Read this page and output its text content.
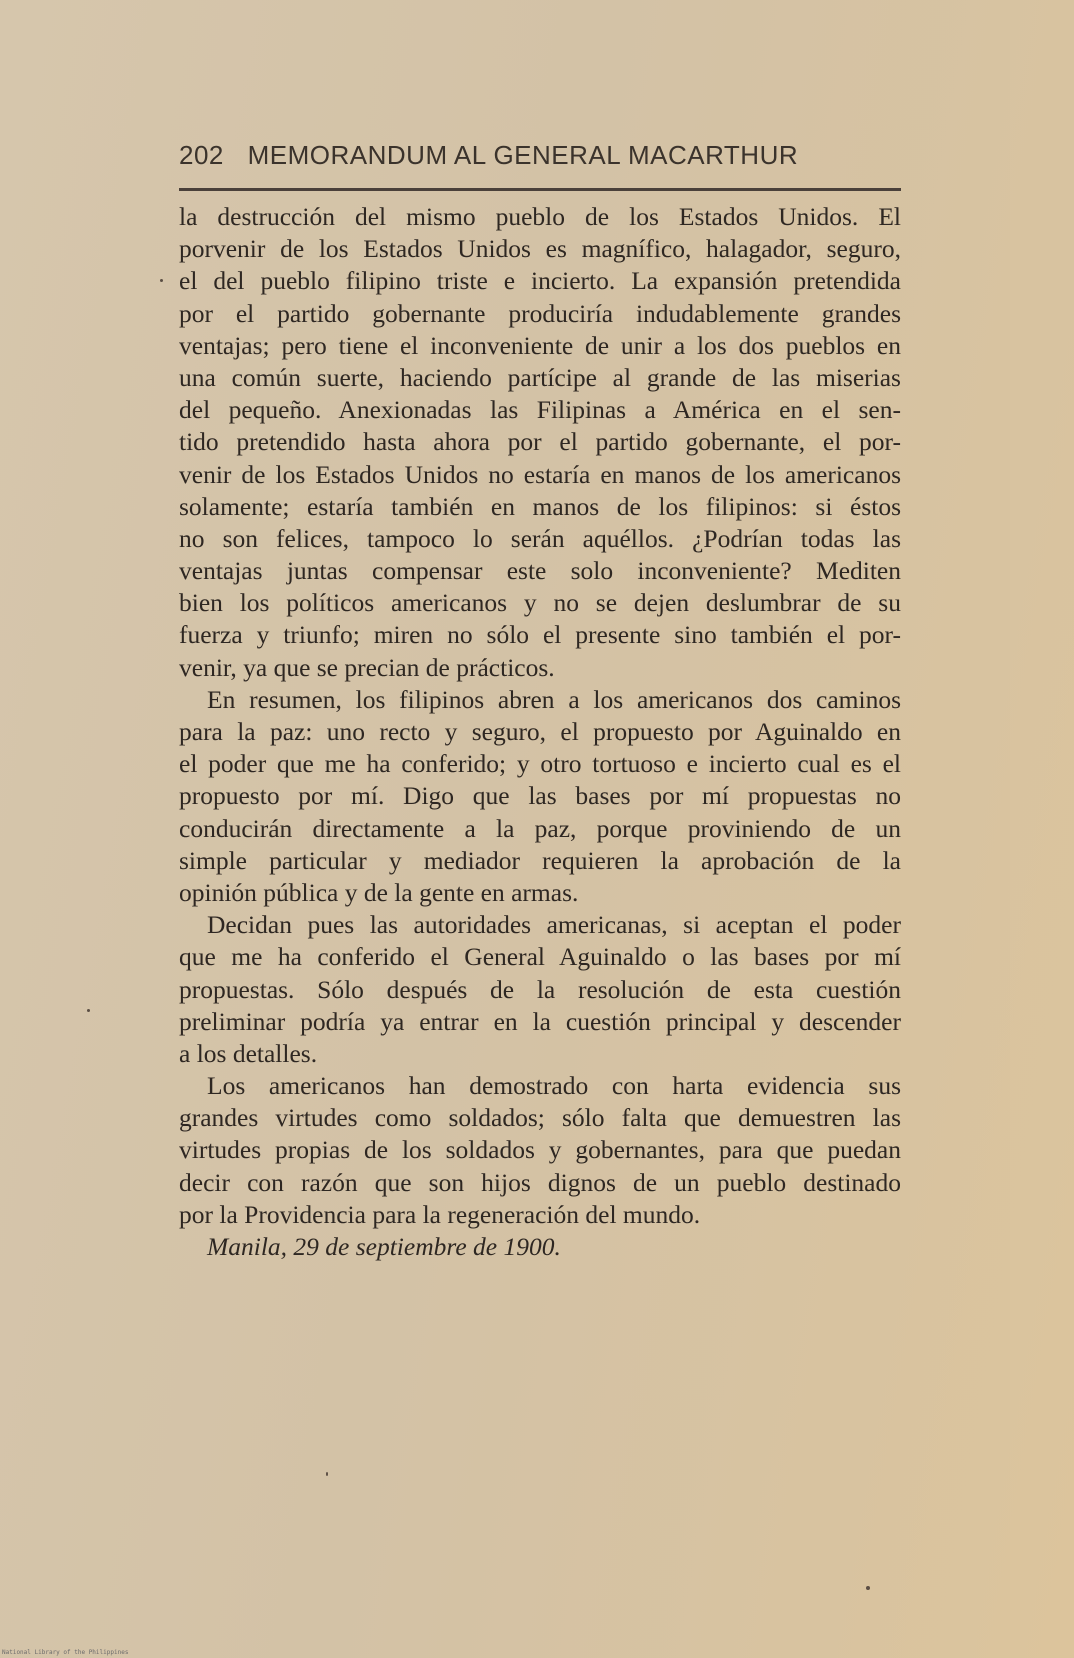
202 MEMORANDUM AL GENERAL MACARTHUR
la destrucción del mismo pueblo de los Estados Unidos. El
porvenir de los Estados Unidos es magnífico, halagador, seguro,
el del pueblo filipino triste e incierto. La expansión pretendida
por el partido gobernante produciría indudablemente grandes
ventajas; pero tiene el inconveniente de unir a los dos pueblos en
una común suerte, haciendo partícipe al grande de las miserias
del pequeño. Anexionadas las Filipinas a América en el sen-
tido pretendido hasta ahora por el partido gobernante, el por-
venir de los Estados Unidos no estaría en manos de los americanos
solamente; estaría también en manos de los filipinos: si éstos
no son felices, tampoco lo serán aquéllos. ¿Podrían todas las
ventajas juntas compensar este solo inconveniente? Mediten
bien los políticos americanos y no se dejen deslumbrar de su
fuerza y triunfo; miren no sólo el presente sino también el por-
venir, ya que se precian de prácticos.
En resumen, los filipinos abren a los americanos dos caminos
para la paz: uno recto y seguro, el propuesto por Aguinaldo en
el poder que me ha conferido; y otro tortuoso e incierto cual es el
propuesto por mí. Digo que las bases por mí propuestas no
conducirán directamente a la paz, porque proviniendo de un
simple particular y mediador requieren la aprobación de la
opinión pública y de la gente en armas.
Decidan pues las autoridades americanas, si aceptan el poder
que me ha conferido el General Aguinaldo o las bases por mí
propuestas. Sólo después de la resolución de esta cuestión
preliminar podría ya entrar en la cuestión principal y descender
a los detalles.
Los americanos han demostrado con harta evidencia sus
grandes virtudes como soldados; sólo falta que demuestren las
virtudes propias de los soldados y gobernantes, para que puedan
decir con razón que son hijos dignos de un pueblo destinado
por la Providencia para la regeneración del mundo.
Manila, 29 de septiembre de 1900.
National Library of the Philippines
